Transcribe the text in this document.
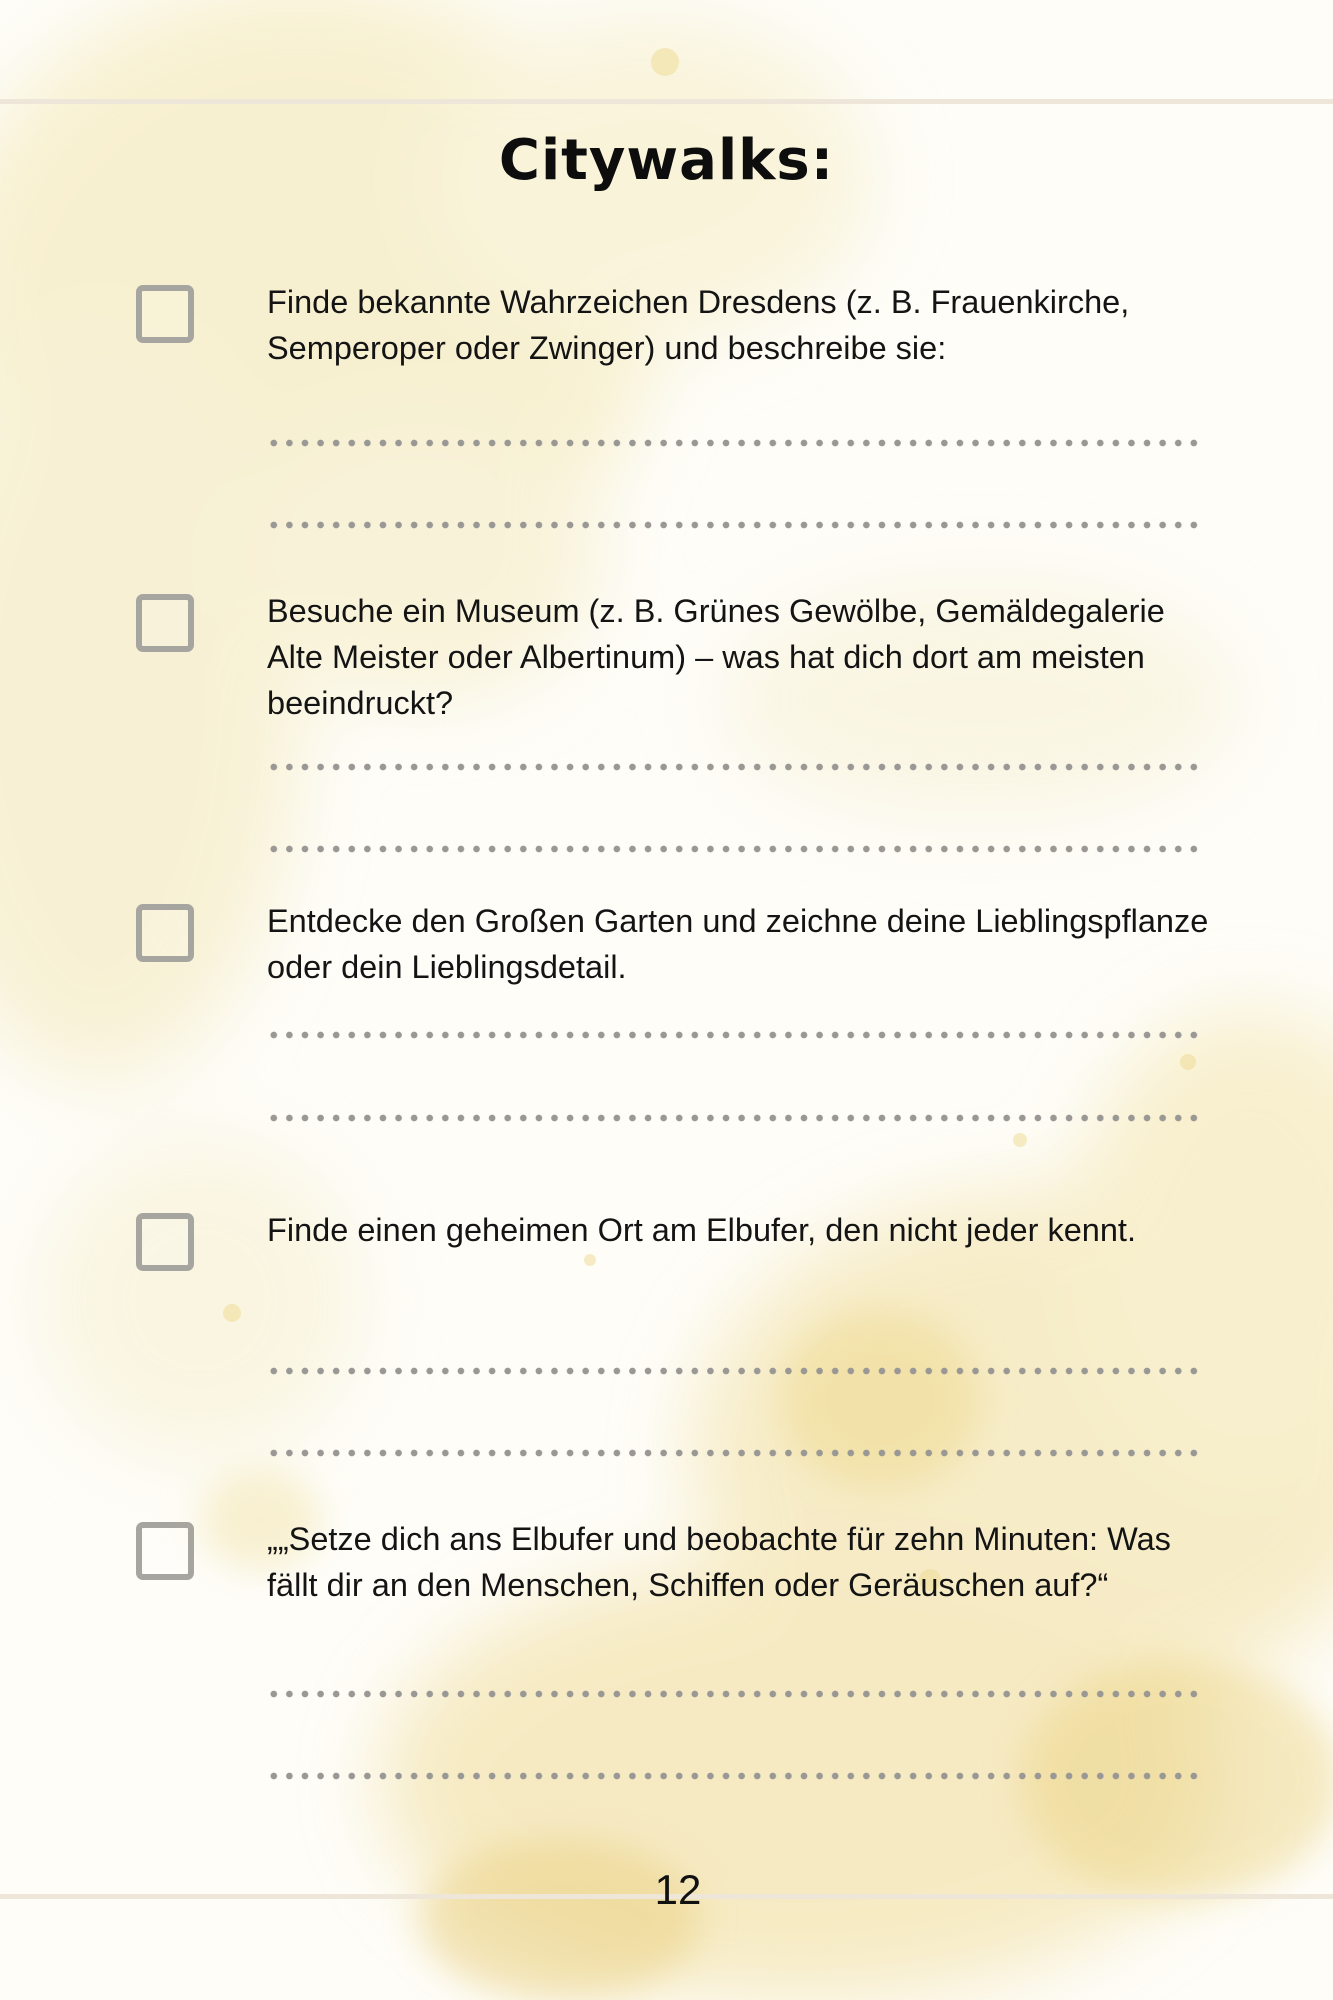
Citywalks:
Finde bekannte Wahrzeichen Dresdens (z. B. Frauenkirche, Semperoper oder Zwinger) und beschreibe sie:
Besuche ein Museum (z. B. Grünes Gewölbe, Gemäldegalerie Alte Meister oder Albertinum) – was hat dich dort am meisten beeindruckt?
Entdecke den Großen Garten und zeichne deine Lieblingspflanze oder dein Lieblingsdetail.
Finde einen geheimen Ort am Elbufer, den nicht jeder kennt.
„„Setze dich ans Elbufer und beobachte für zehn Minuten: Was fällt dir an den Menschen, Schiffen oder Geräuschen auf?“
12
